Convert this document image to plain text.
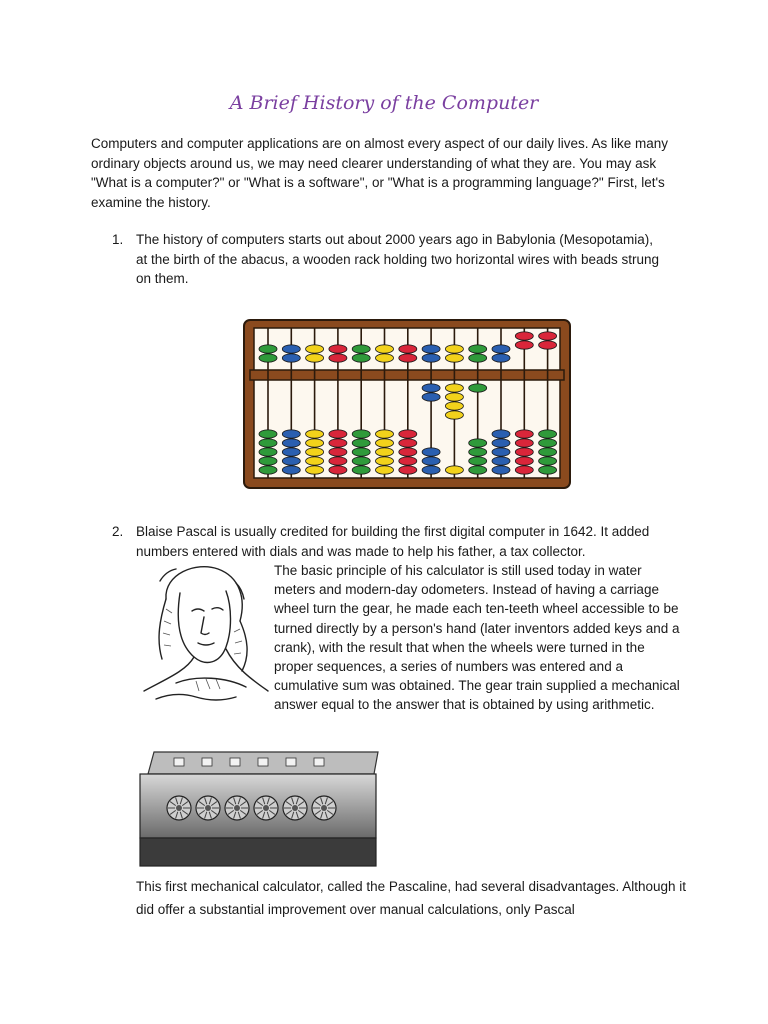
A Brief History of the Computer

Computers and computer applications are on almost every aspect of our daily lives. As like many ordinary objects around us, we may need clearer understanding of what they are. You may ask "What is a computer?" or "What is a software", or "What is a programming language?" First, let's examine the history.

1. The history of computers starts out about 2000 years ago in Babylonia (Mesopotamia), at the birth of the abacus, a wooden rack holding two horizontal wires with beads strung on them.
2. Blaise Pascal is usually credited for building the first digital computer in 1642. It added numbers entered with dials and was made to help his father, a tax collector.

The basic principle of his calculator is still used today in water meters and modern-day odometers. Instead of having a carriage wheel turn the gear, he made each ten-teeth wheel accessible to be turned directly by a person's hand (later inventors added keys and a crank), with the result that when the wheels were turned in the proper sequences, a series of numbers was entered and a cumulative sum was obtained. The gear train supplied a mechanical answer equal to the answer that is obtained by using arithmetic.

This first mechanical calculator, called the Pascaline, had several disadvantages. Although it did offer a substantial improvement over manual calculations, only Pascal
